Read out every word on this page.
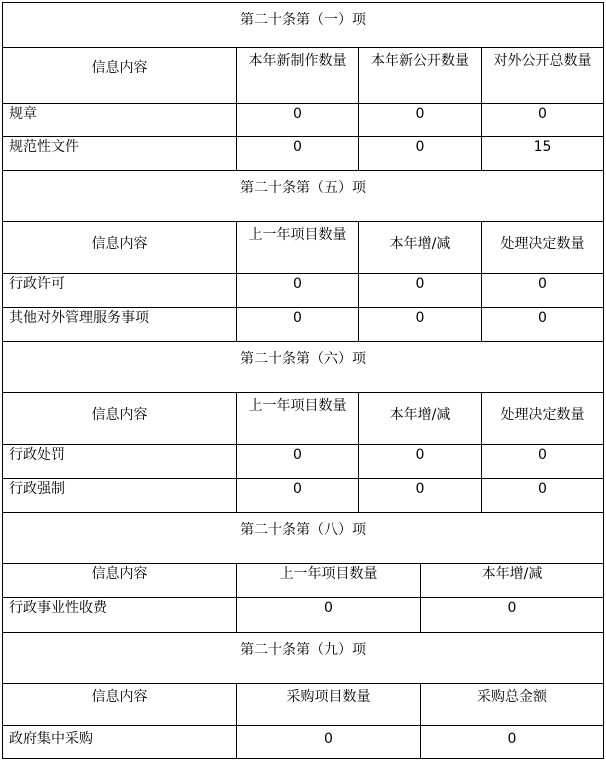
第二十条第（一）项				
信息内容	本年新制作数量	本年新公开数量		对外公开总数量
规章	0	0		0
规范性文件	0	0		15
第二十条第（五）项				
信息内容	上一年项目数量	本年增/减		处理决定数量
行政许可	0	0		0
其他对外管理服务事项	0	0		0
第二十条第（六）项				
信息内容	上一年项目数量	本年增/减		处理决定数量
行政处罚	0	0		0
行政强制	0	0		0
第二十条第（八）项				
信息内容	上一年项目数量		本年增/减	
行政事业性收费	0		0	
第二十条第（九）项				
信息内容	采购项目数量		采购总金额	
政府集中采购	0		0	
